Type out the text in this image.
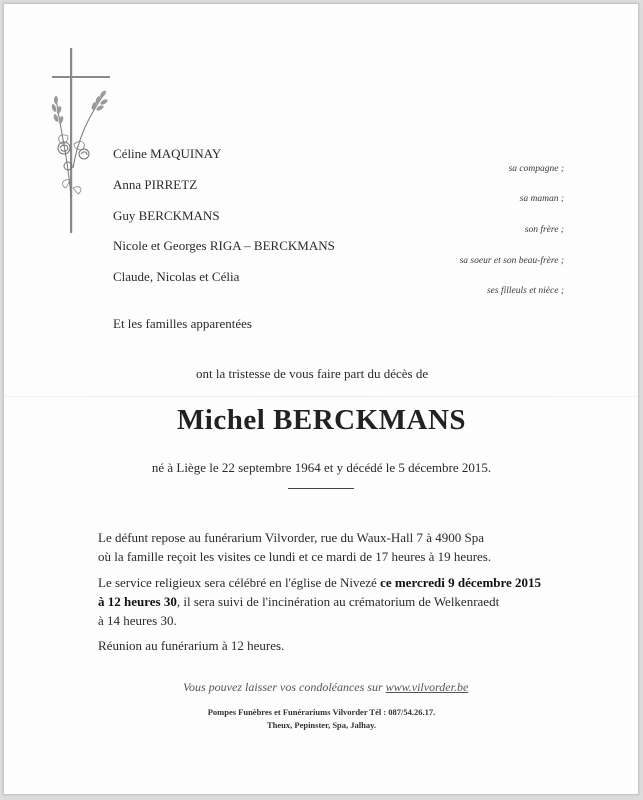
Céline MAQUINAY
Anna PIRRETZ
Guy BERCKMANS
Nicole et Georges RIGA – BERCKMANS
Claude, Nicolas et Célia
sa compagne ;
sa maman ;
son frère ;
sa soeur et son beau-frère ;
ses filleuls et nièce ;
Et les familles apparentées
ont la tristesse de vous faire part du décès de
Michel BERCKMANS
né à Liège le 22 septembre 1964 et y décédé le 5 décembre 2015.
Le défunt repose au funérarium Vilvorder, rue du Waux-Hall 7 à 4900 Spa
où la famille reçoit les visites ce lundi et ce mardi de 17 heures à 19 heures.
Le service religieux sera célébré en l'église de Nivezé ce mercredi 9 décembre 2015
à 12 heures 30, il sera suivi de l'incinération au crématorium de Welkenraedt
à 14 heures 30.
Réunion au funérarium à 12 heures.
Vous pouvez laisser vos condoléances sur www.vilvorder.be
Pompes Funèbres et Funérariums Vilvorder Tél : 087/54.26.17.
Theux, Pepinster, Spa, Jalhay.
